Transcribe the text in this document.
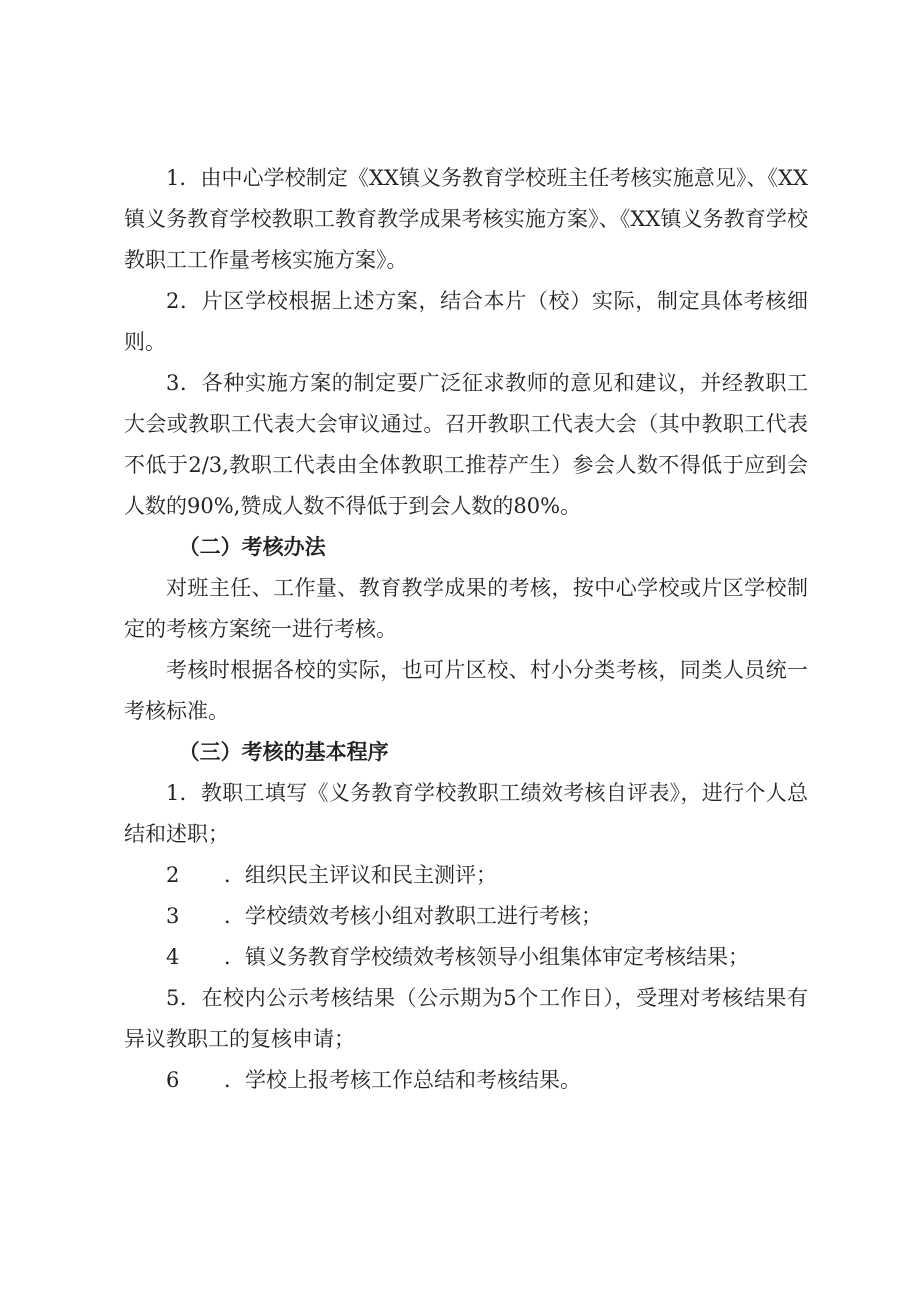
1．由中心学校制定《XX镇义务教育学校班主任考核实施意见》、《XX镇义务教育学校教职工教育教学成果考核实施方案》、《XX镇义务教育学校教职工工作量考核实施方案》。

2．片区学校根据上述方案，结合本片（校）实际，制定具体考核细则。

3．各种实施方案的制定要广泛征求教师的意见和建议，并经教职工大会或教职工代表大会审议通过。召开教职工代表大会（其中教职工代表不低于2/3,教职工代表由全体教职工推荐产生）参会人数不得低于应到会人数的90%,赞成人数不得低于到会人数的80%。

（二）考核办法

对班主任、工作量、教育教学成果的考核，按中心学校或片区学校制定的考核方案统一进行考核。

考核时根据各校的实际，也可片区校、村小分类考核，同类人员统一考核标准。

（三）考核的基本程序

1．教职工填写《义务教育学校教职工绩效考核自评表》，进行个人总结和述职；

2 ．组织民主评议和民主测评；

3 ．学校绩效考核小组对教职工进行考核；

4 ．镇义务教育学校绩效考核领导小组集体审定考核结果；

5．在校内公示考核结果（公示期为5个工作日），受理对考核结果有异议教职工的复核申请；

6 ．学校上报考核工作总结和考核结果。
